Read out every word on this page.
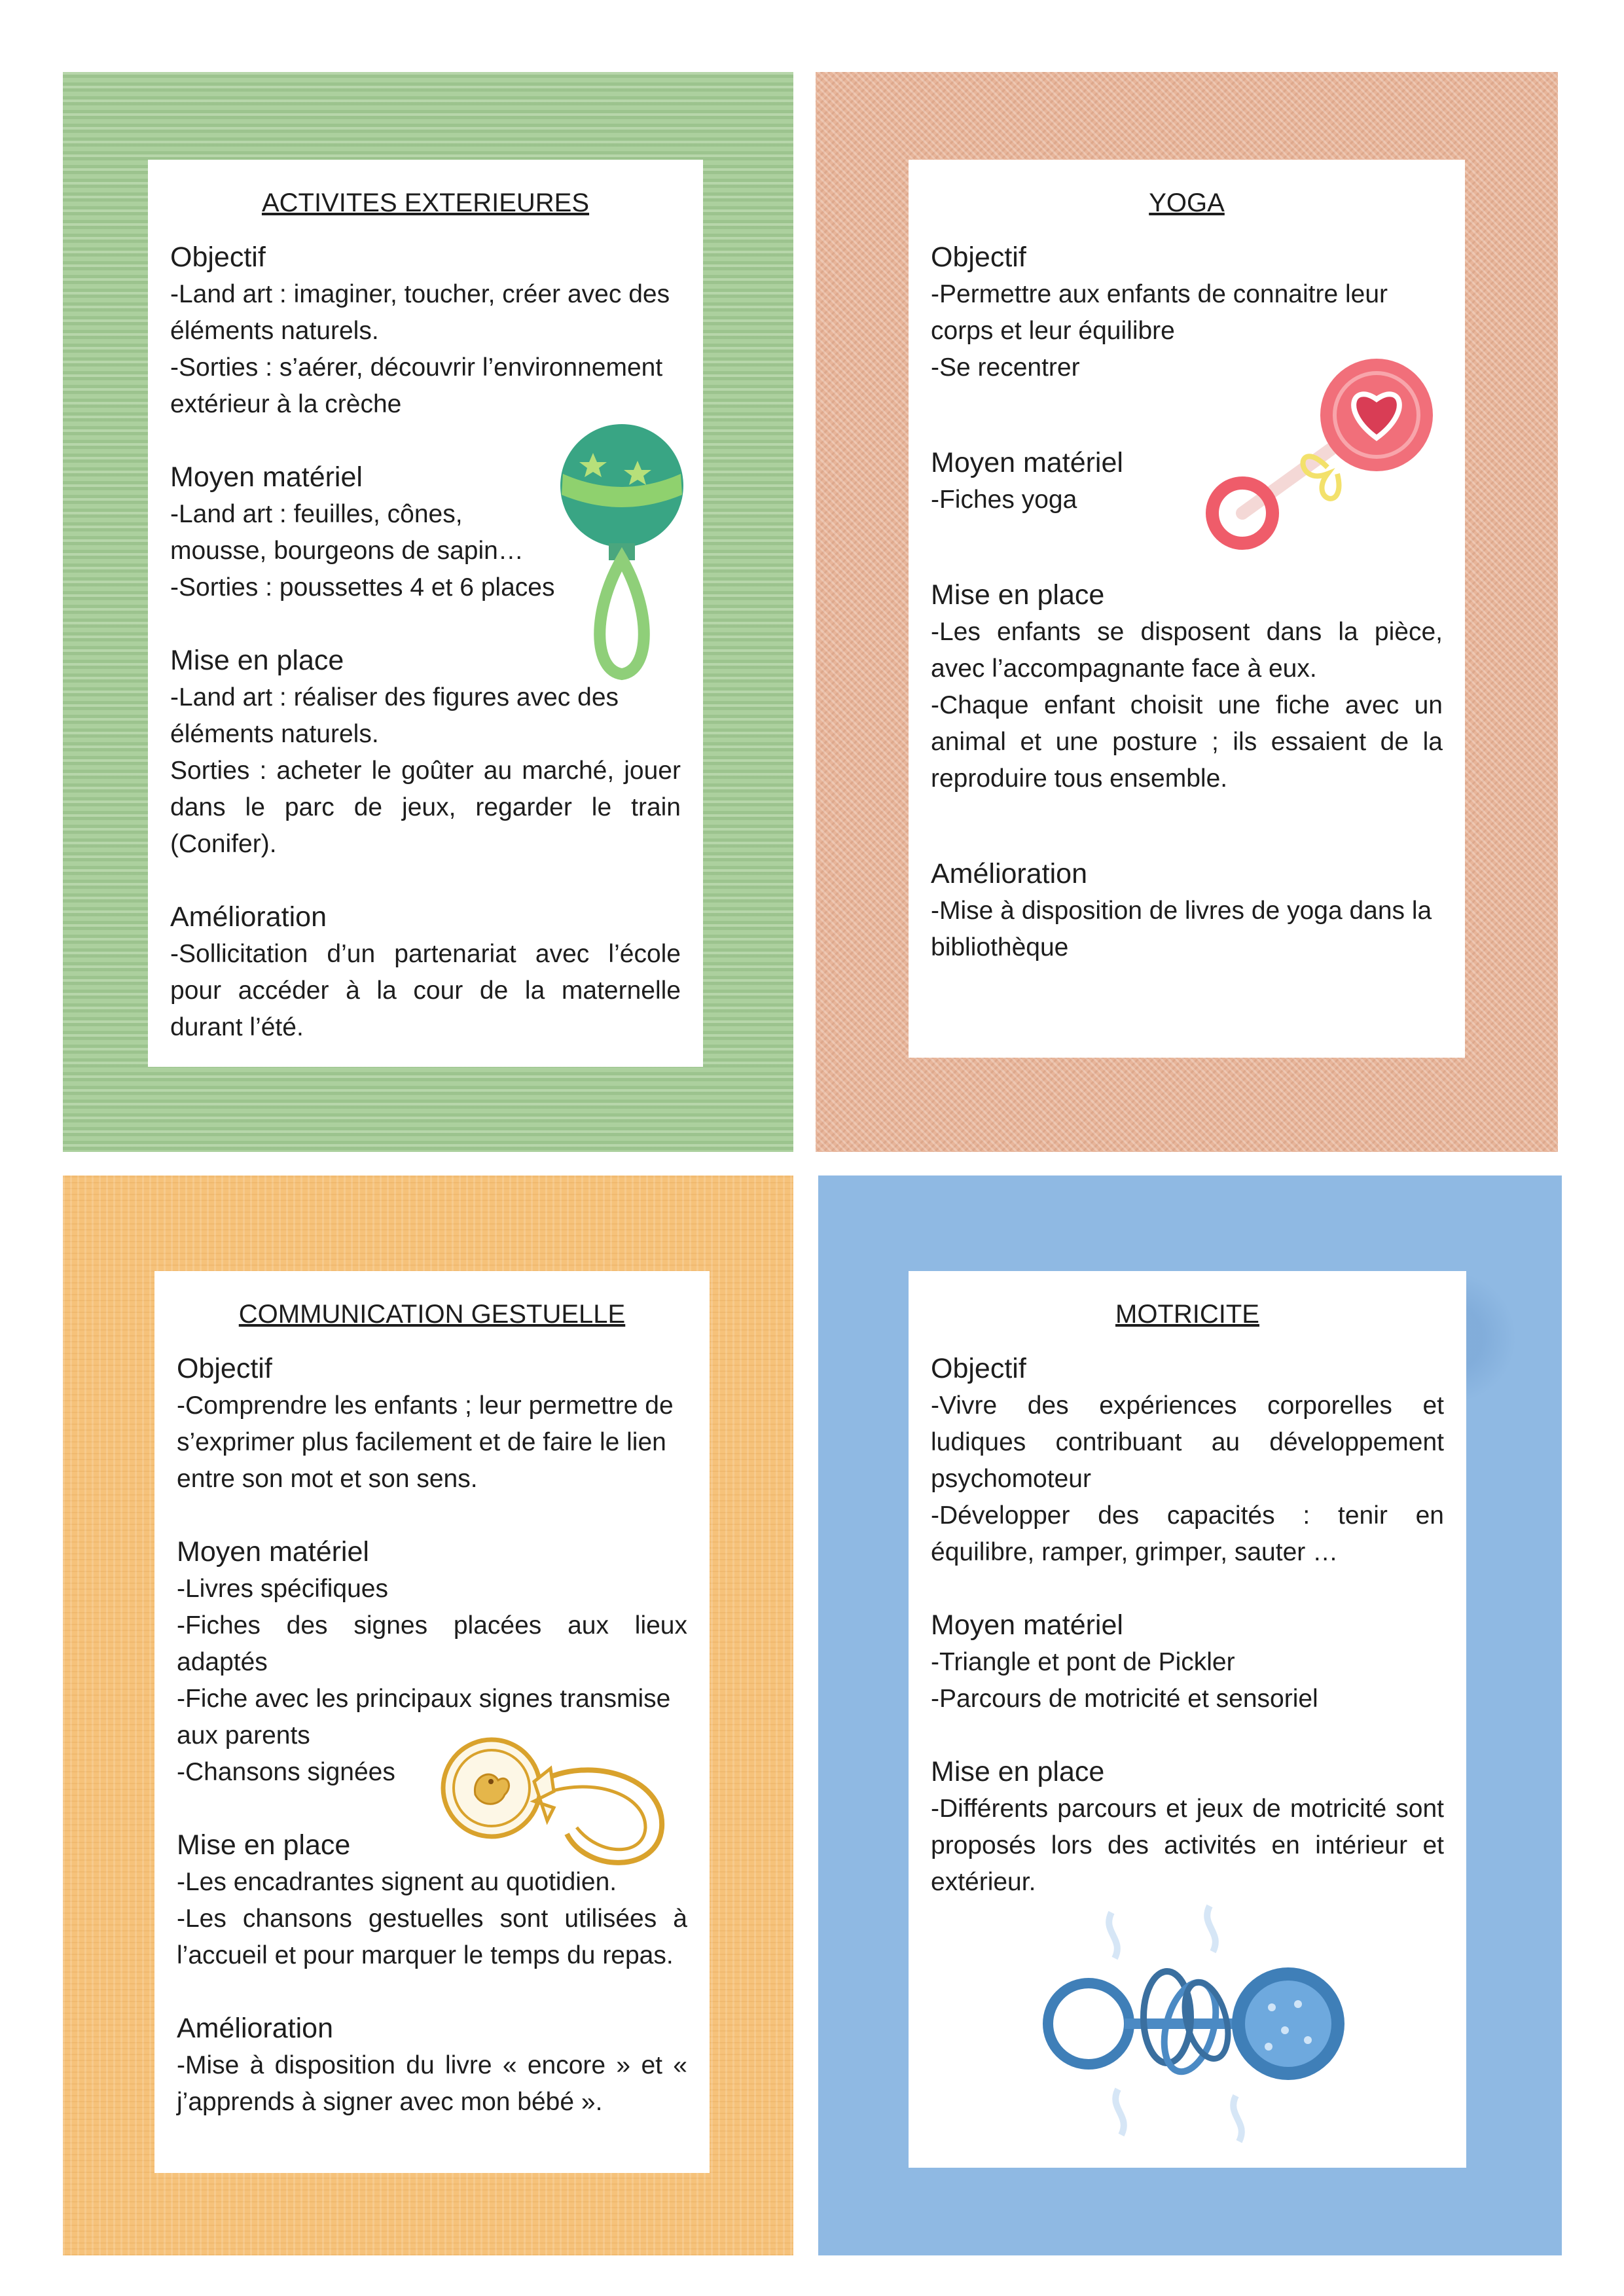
ACTIVITES EXTERIEURES

Objectif

-Land art : imaginer, toucher, créer avec des éléments naturels.

-Sorties : s’aérer, découvrir l’environnement extérieur à la crèche

Moyen matériel

-Land art : feuilles, cônes, mousse, bourgeons de sapin…

-Sorties : poussettes 4 et 6 places

Mise en place

-Land art : réaliser des figures avec des éléments naturels.

Sorties : acheter le goûter au marché, jouer dans le parc de jeux, regarder le train (Conifer).

Amélioration

-Sollicitation d’un partenariat avec l’école pour accéder à la cour de la maternelle durant l’été.

YOGA

Objectif

-Permettre aux enfants de connaitre leur corps et leur équilibre

-Se recentrer

Moyen matériel

-Fiches yoga

Mise en place

-Les enfants se disposent dans la pièce, avec l’accompagnante face à eux.

-Chaque enfant choisit une fiche avec un animal et une posture ; ils essaient de la reproduire tous ensemble.

Amélioration

-Mise à disposition de livres de yoga dans la bibliothèque

COMMUNICATION GESTUELLE

Objectif

-Comprendre les enfants ; leur permettre de s’exprimer plus facilement et de faire le lien entre son mot et son sens.

Moyen matériel

-Livres spécifiques

-Fiches des signes placées aux lieux adaptés

-Fiche avec les principaux signes transmise aux parents

-Chansons signées

Mise en place

-Les encadrantes signent au quotidien.

-Les chansons gestuelles sont utilisées à l’accueil et pour marquer le temps du repas.

Amélioration

-Mise à disposition du livre « encore » et « j’apprends à signer avec mon bébé ».

MOTRICITE

Objectif

-Vivre des expériences corporelles et ludiques contribuant au développement psychomoteur

-Développer des capacités : tenir en équilibre, ramper, grimper, sauter …

Moyen matériel

-Triangle et pont de Pickler

-Parcours de motricité et sensoriel

Mise en place

-Différents parcours et jeux de motricité sont proposés lors des activités en intérieur et extérieur.
